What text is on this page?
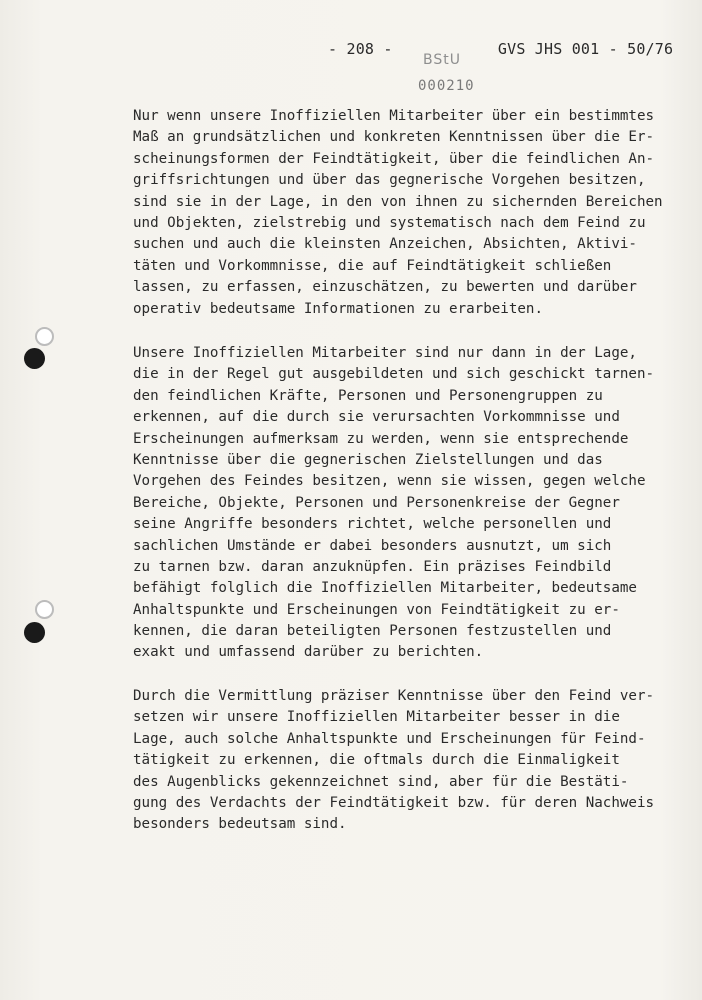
- 208 -	GVS JHS 001 - 50/76
BStU
000210
Nur wenn unsere Inoffiziellen Mitarbeiter über ein bestimmtes
Maß an grundsätzlichen und konkreten Kenntnissen über die Er-
scheinungsformen der Feindtätigkeit, über die feindlichen An-
griffsrichtungen und über das gegnerische Vorgehen besitzen,
sind sie in der Lage, in den von ihnen zu sichernden Bereichen
und Objekten, zielstrebig und systematisch nach dem Feind zu
suchen und auch die kleinsten Anzeichen, Absichten, Aktivi-
täten und Vorkommnisse, die auf Feindtätigkeit schließen
lassen, zu erfassen, einzuschätzen, zu bewerten und darüber
operativ bedeutsame Informationen zu erarbeiten.
Unsere Inoffiziellen Mitarbeiter sind nur dann in der Lage,
die in der Regel gut ausgebildeten und sich geschickt tarnen-
den feindlichen Kräfte, Personen und Personengruppen zu
erkennen, auf die durch sie verursachten Vorkommnisse und
Erscheinungen aufmerksam zu werden, wenn sie entsprechende
Kenntnisse über die gegnerischen Zielstellungen und das
Vorgehen des Feindes besitzen, wenn sie wissen, gegen welche
Bereiche, Objekte, Personen und Personenkreise der Gegner
seine Angriffe besonders richtet, welche personellen und
sachlichen Umstände er dabei besonders ausnutzt, um sich
zu tarnen bzw. daran anzuknüpfen. Ein präzises Feindbild
befähigt folglich die Inoffiziellen Mitarbeiter, bedeutsame
Anhaltspunkte und Erscheinungen von Feindtätigkeit zu er-
kennen, die daran beteiligten Personen festzustellen und
exakt und umfassend darüber zu berichten.
Durch die Vermittlung präziser Kenntnisse über den Feind ver-
setzen wir unsere Inoffiziellen Mitarbeiter besser in die
Lage, auch solche Anhaltspunkte und Erscheinungen für Feind-
tätigkeit zu erkennen, die oftmals durch die Einmaligkeit
des Augenblicks gekennzeichnet sind, aber für die Bestäti-
gung des Verdachts der Feindtätigkeit bzw. für deren Nachweis
besonders bedeutsam sind.
